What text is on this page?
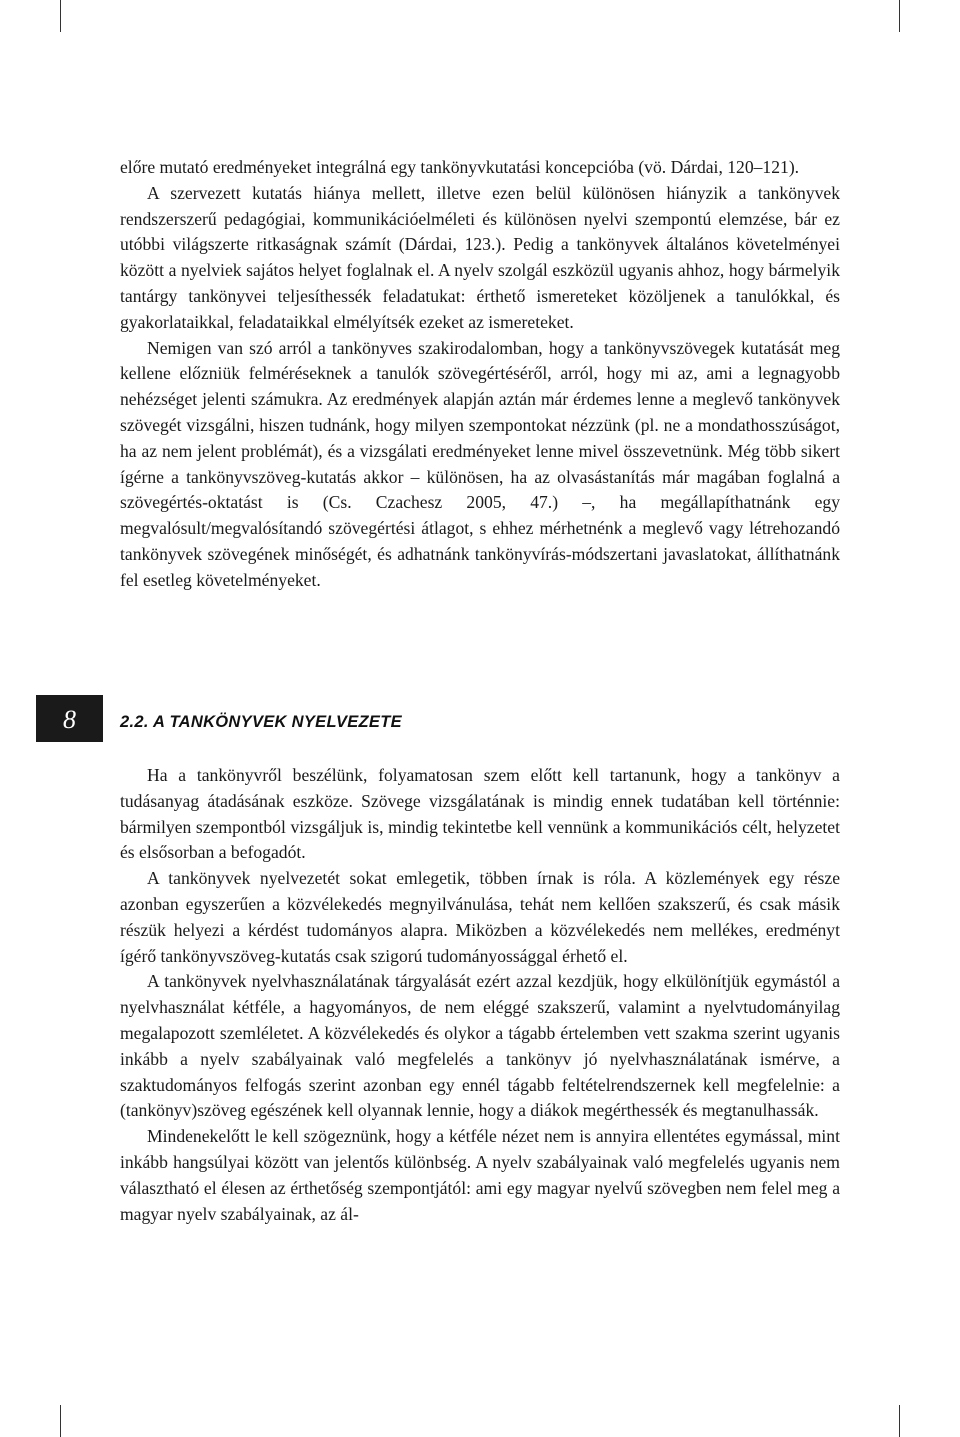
előre mutató eredményeket integrálná egy tankönyvkutatási koncepcióba (vö. Dárdai, 120–121).

A szervezett kutatás hiánya mellett, illetve ezen belül különösen hiányzik a tankönyvek rendszerszerű pedagógiai, kommunikációelméleti és különösen nyelvi szempontú elemzése, bár ez utóbbi világszerte ritkaságnak számít (Dárdai, 123.). Pedig a tankönyvek általános követelményei között a nyelviek sajátos helyet foglalnak el. A nyelv szolgál eszközül ugyanis ahhoz, hogy bármelyik tantárgy tankönyvei teljesíthessék feladatukat: érthető ismereteket közöljenek a tanulókkal, és gyakorlataikkal, feladataikkal elmélyítsék ezeket az ismereteket.

Nemigen van szó arról a tankönyves szakirodalomban, hogy a tankönyvszövegek kutatását meg kellene előzniük felméréseknek a tanulók szövegértéséről, arról, hogy mi az, ami a legnagyobb nehézséget jelenti számukra. Az eredmények alapján aztán már érdemes lenne a meglevő tankönyvek szövegét vizsgálni, hiszen tudnánk, hogy milyen szempontokat nézzünk (pl. ne a mondathosszúságot, ha az nem jelent problémát), és a vizsgálati eredményeket lenne mivel összevetnünk. Még több sikert ígérne a tankönyvszöveg-kutatás akkor – különösen, ha az olvasástanítás már magában foglalná a szövegértés-oktatást is (Cs. Czachesz 2005, 47.) –, ha megállapíthatnánk egy megvalósult/megvalósítandó szövegértési átlagot, s ehhez mérhetnénk a meglevő vagy létrehozandó tankönyvek szövegének minőségét, és adhatnánk tankönyvírás-módszertani javaslatokat, állíthatnánk fel esetleg követelményeket.

8	2.2. A TANKÖNYVEK NYELVEZETE

Ha a tankönyvről beszélünk, folyamatosan szem előtt kell tartanunk, hogy a tankönyv a tudásanyag átadásának eszköze. Szövege vizsgálatának is mindig ennek tudatában kell történnie: bármilyen szempontból vizsgáljuk is, mindig tekintetbe kell vennünk a kommunikációs célt, helyzetet és elsősorban a befogadót.

A tankönyvek nyelvezetét sokat emlegetik, többen írnak is róla. A közlemények egy része azonban egyszerűen a közvélekedés megnyilvánulása, tehát nem kellően szakszerű, és csak másik részük helyezi a kérdést tudományos alapra. Miközben a közvélekedés nem mellékes, eredményt ígérő tankönyvszöveg-kutatás csak szigorú tudományossággal érhető el.

A tankönyvek nyelvhasználatának tárgyalását ezért azzal kezdjük, hogy elkülönítjük egymástól a nyelvhasználat kétféle, a hagyományos, de nem eléggé szakszerű, valamint a nyelvtudományilag megalapozott szemléletet. A közvélekedés és olykor a tágabb értelemben vett szakma szerint ugyanis inkább a nyelv szabályainak való megfelelés a tankönyv jó nyelvhasználatának ismérve, a szaktudományos felfogás szerint azonban egy ennél tágabb feltételrendszernek kell megfelelnie: a (tankönyv)szöveg egészének kell olyannak lennie, hogy a diákok megérthessék és megtanulhassák.

Mindenekelőtt le kell szögeznünk, hogy a kétféle nézet nem is annyira ellentétes egymással, mint inkább hangsúlyai között van jelentős különbség. A nyelv szabályainak való megfelelés ugyanis nem választható el élesen az érthetőség szempontjától: ami egy magyar nyelvű szövegben nem felel meg a magyar nyelv szabályainak, az ál-
